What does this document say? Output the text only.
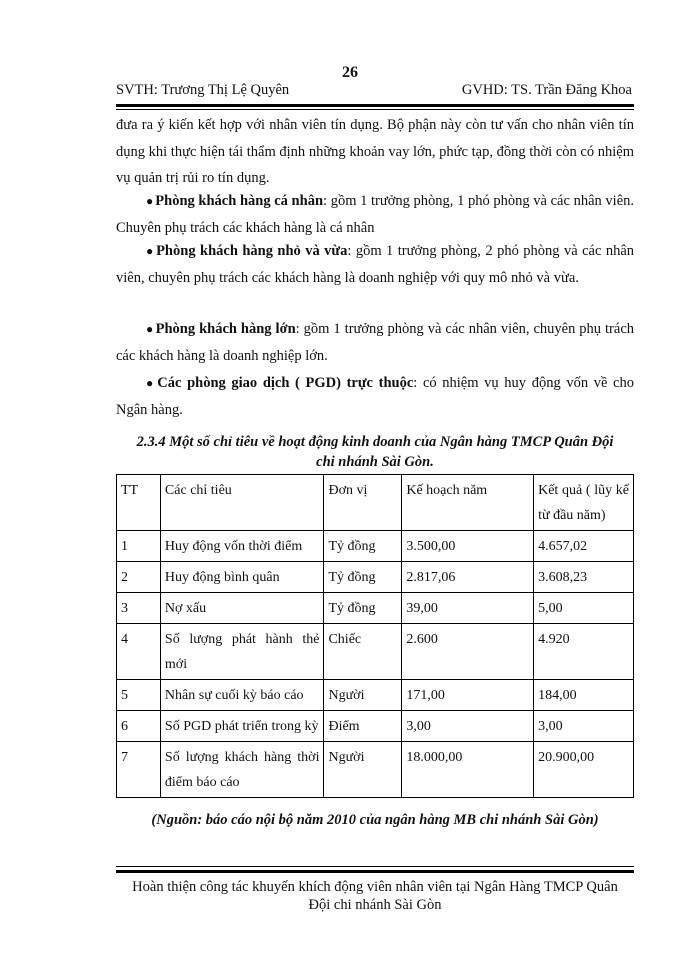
26
SVTH: Trương Thị Lệ Quyên	GVHD: TS. Trần Đăng Khoa

đưa ra ý kiến kết hợp với nhân viên tín dụng. Bộ phận này còn tư vấn cho nhân viên tín dụng khi thực hiện tái thẩm định những khoản vay lớn, phức tạp, đồng thời còn có nhiệm vụ quản trị rủi ro tín dụng.

● Phòng khách hàng cá nhân: gồm 1 trưởng phòng, 1 phó phòng và các nhân viên. Chuyên phụ trách các khách hàng là cá nhân

● Phòng khách hàng nhỏ và vừa: gồm 1 trưởng phòng, 2 phó phòng và các nhân viên, chuyên phụ trách các khách hàng là doanh nghiệp với quy mô nhỏ và vừa.

● Phòng khách hàng lớn: gồm 1 trưởng phòng và các nhân viên, chuyên phụ trách các khách hàng là doanh nghiệp lớn.

● Các phòng giao dịch ( PGD) trực thuộc: có nhiệm vụ huy động vốn về cho Ngân hàng.

2.3.4 Một số chỉ tiêu về hoạt động kinh doanh của Ngân hàng TMCP Quân Đội
chi nhánh Sài Gòn.
TT	Các chỉ tiêu	Đơn vị	Kế hoạch năm	Kết quả ( lũy kế từ đầu năm)
1	Huy động vốn thời điểm	Tỷ đồng	3.500,00	4.657,02
2	Huy động bình quân	Tỷ đồng	2.817,06	3.608,23
3	Nợ xấu	Tỷ đồng	39,00	5,00
4	Số lượng phát hành thẻ mới	Chiếc	2.600	4.920
5	Nhân sự cuối kỳ báo cáo	Người	171,00	184,00
6	Số PGD phát triển trong kỳ	Điểm	3,00	3,00
7	Số lượng khách hàng thời điểm báo cáo	Người	18.000,00	20.900,00
(Nguồn: báo cáo nội bộ năm 2010 của ngân hàng MB chi nhánh Sài Gòn)
Hoàn thiện công tác khuyến khích động viên nhân viên tại Ngân Hàng TMCP Quân
Đội chi nhánh Sài Gòn
